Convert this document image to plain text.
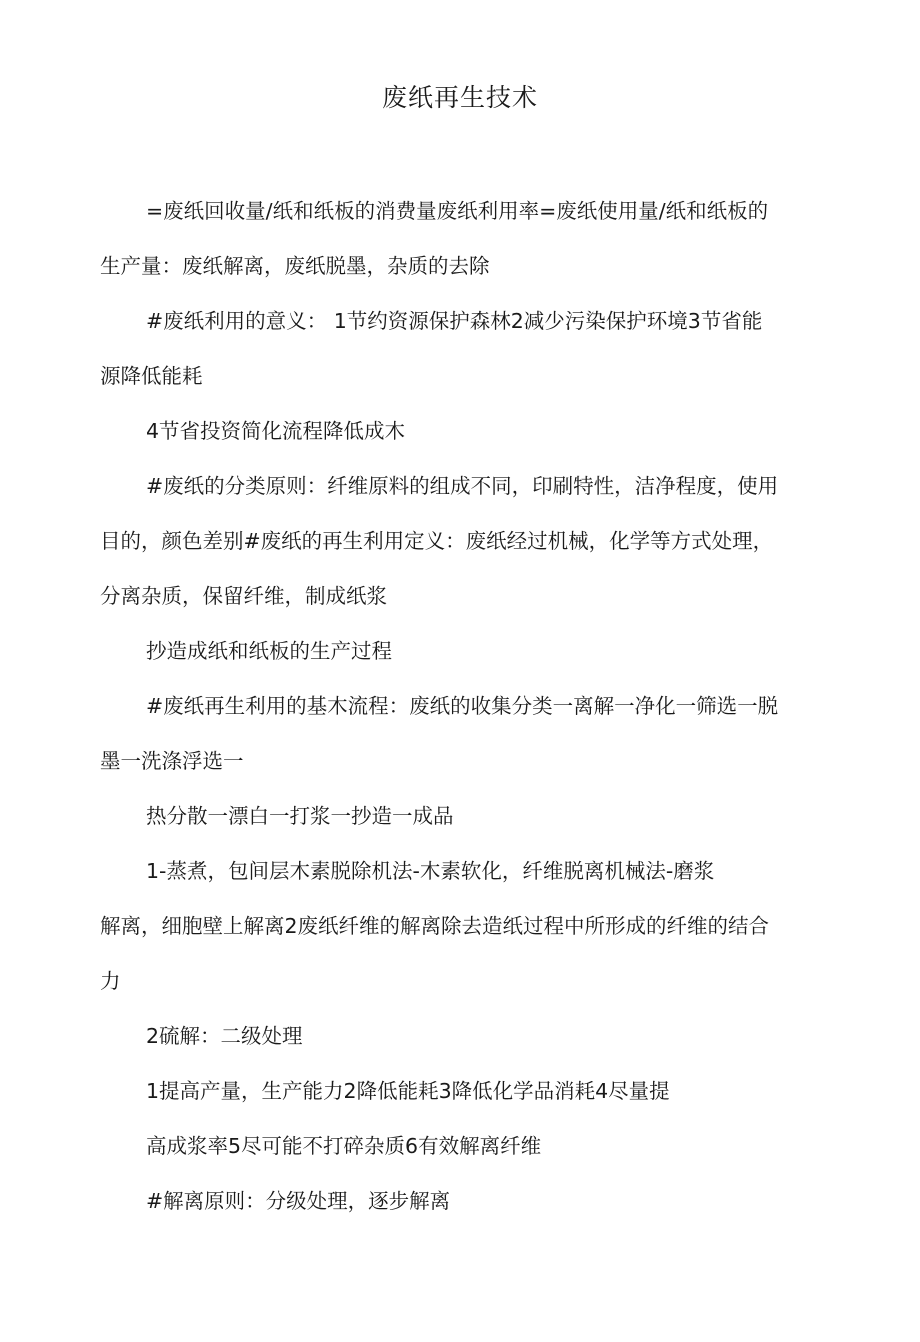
废纸再生技术

=废纸回收量/纸和纸板的消费量废纸利用率=废纸使用量/纸和纸板的生产量：废纸解离，废纸脱墨，杂质的去除

#废纸利用的意义： 1节约资源保护森林2减少污染保护环境3节省能源降低能耗

4节省投资简化流程降低成木

#废纸的分类原则：纤维原料的组成不同，印刷特性，洁净程度，使用目的，颜色差别#废纸的再生利用定义：废纸经过机械，化学等方式处理，分离杂质，保留纤维，制成纸浆

抄造成纸和纸板的生产过程

#废纸再生利用的基木流程：废纸的收集分类一离解一净化一筛选一脱墨一洗涤浮选一

热分散一漂白一打浆一抄造一成品

1-蒸煮，包间层木素脱除机法-木素软化，纤维脱离机械法-磨浆

解离，细胞壁上解离2废纸纤维的解离除去造纸过程中所形成的纤维的结合力

2硫解：二级处理

1提高产量，生产能力2降低能耗3降低化学品消耗4尽量提

高成浆率5尽可能不打碎杂质6有效解离纤维

#解离原则：分级处理，逐步解离
